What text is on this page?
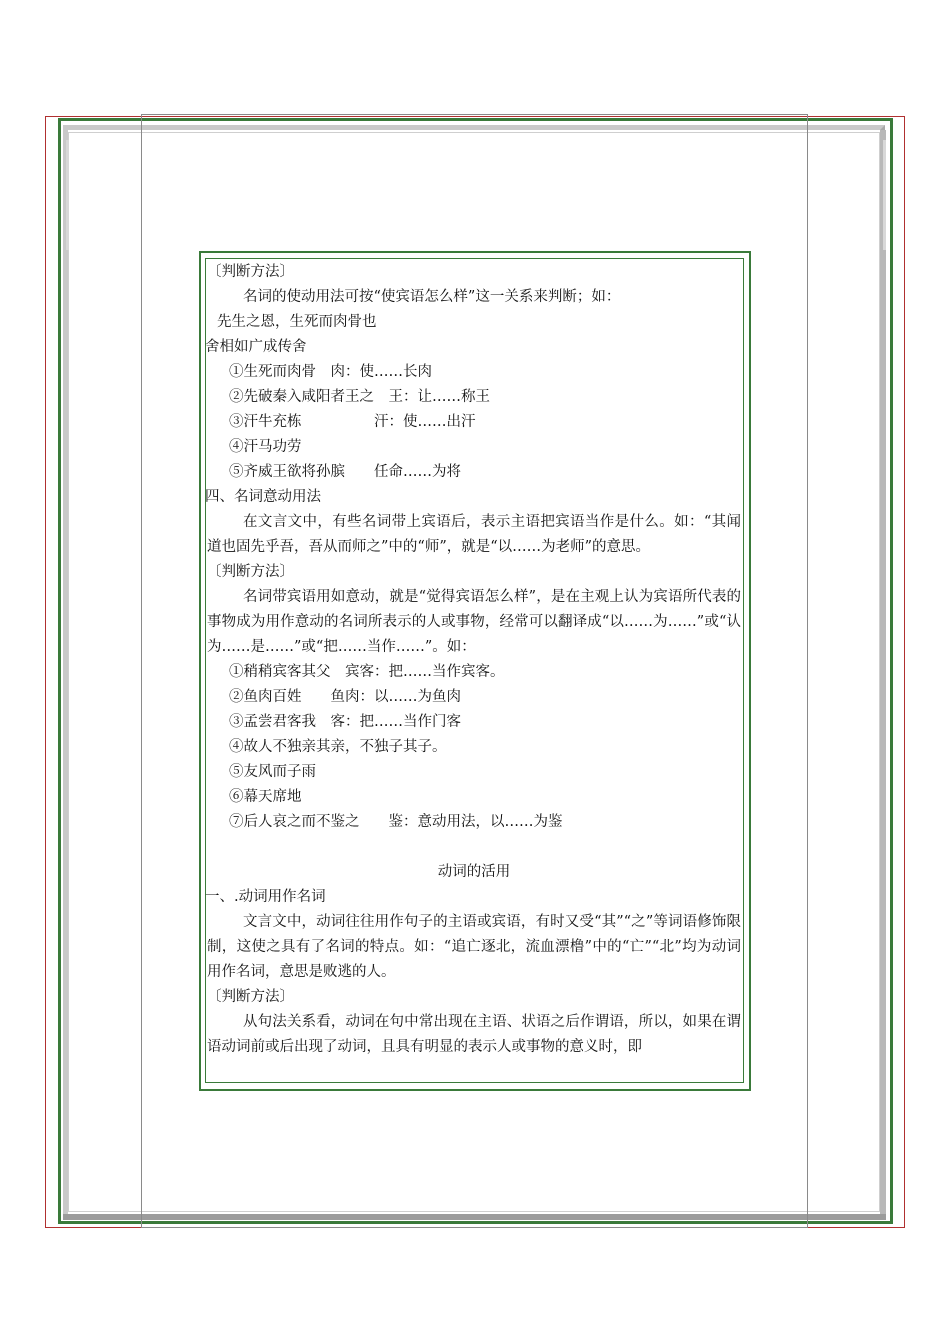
〔判断方法〕

名词的使动用法可按“使宾语怎么样”这一关系来判断；如：

先生之恩，生死而肉骨也

舍相如广成传舍

①生死而肉骨　肉：使……长肉

②先破秦入咸阳者王之　王：让……称王

③汗牛充栋　　　　　汗：使……出汗

④汗马功劳

⑤齐威王欲将孙膑　　任命……为将

四、名词意动用法

在文言文中，有些名词带上宾语后，表示主语把宾语当作是什么。如：“其闻道也固先乎吾，吾从而师之”中的“师”，就是“以……为老师”的意思。

〔判断方法〕

名词带宾语用如意动，就是“觉得宾语怎么样”，是在主观上认为宾语所代表的事物成为用作意动的名词所表示的人或事物，经常可以翻译成“以……为……”或“认为……是……”或“把……当作……”。如：

①稍稍宾客其父　宾客：把……当作宾客。

②鱼肉百姓　　鱼肉：以……为鱼肉

③孟尝君客我　客：把……当作门客

④故人不独亲其亲，不独子其子。

⑤友风而子雨

⑥幕天席地

⑦后人哀之而不鉴之　　鉴：意动用法，以……为鉴

动词的活用

一、.动词用作名词

文言文中，动词往往用作句子的主语或宾语，有时又受“其”“之”等词语修饰限制，这使之具有了名词的特点。如：“追亡逐北，流血漂橹”中的“亡”“北”均为动词用作名词，意思是败逃的人。

〔判断方法〕

从句法关系看，动词在句中常出现在主语、状语之后作谓语，所以，如果在谓语动词前或后出现了动词，且具有明显的表示人或事物的意义时，即
